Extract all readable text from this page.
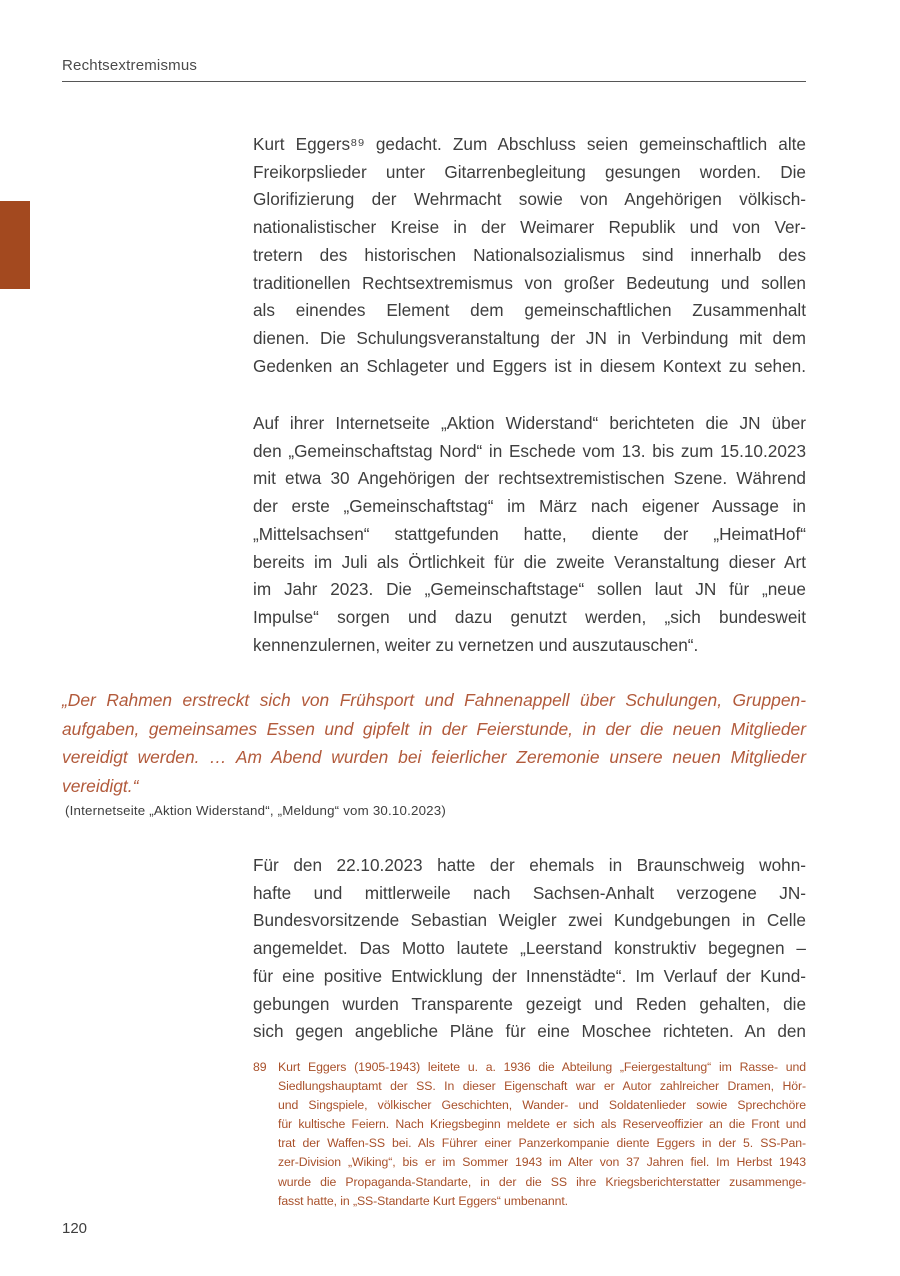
Rechtsextremismus
Kurt Eggers⁸⁹ gedacht. Zum Abschluss seien gemeinschaftlich alte
Freikorpslieder unter Gitarrenbegleitung gesungen worden. Die
Glorifizierung der Wehrmacht sowie von Angehörigen völkisch-
nationalistischer Kreise in der Weimarer Republik und von Ver-
tretern des historischen Nationalsozialismus sind innerhalb des
traditionellen Rechtsextremismus von großer Bedeutung und sollen
als einendes Element dem gemeinschaftlichen Zusammenhalt
dienen. Die Schulungsveranstaltung der JN in Verbindung mit dem
Gedenken an Schlageter und Eggers ist in diesem Kontext zu sehen.
Auf ihrer Internetseite „Aktion Widerstand“ berichteten die JN über
den „Gemeinschaftstag Nord“ in Eschede vom 13. bis zum 15.10.2023
mit etwa 30 Angehörigen der rechtsextremistischen Szene. Während
der erste „Gemeinschaftstag“ im März nach eigener Aussage in
„Mittelsachsen“ stattgefunden hatte, diente der „HeimatHof“
bereits im Juli als Örtlichkeit für die zweite Veranstaltung dieser Art
im Jahr 2023. Die „Gemeinschaftstage“ sollen laut JN für „neue
Impulse“ sorgen und dazu genutzt werden, „sich bundesweit
kennenzulernen, weiter zu vernetzen und auszutauschen“.
„Der Rahmen erstreckt sich von Frühsport und Fahnenappell über Schulungen, Gruppen-
aufgaben, gemeinsames Essen und gipfelt in der Feierstunde, in der die neuen Mitglieder
vereidigt werden. … Am Abend wurden bei feierlicher Zeremonie unsere neuen Mitglieder
vereidigt.“
(Internetseite „Aktion Widerstand“, „Meldung“ vom 30.10.2023)
Für den 22.10.2023 hatte der ehemals in Braunschweig wohn-
hafte und mittlerweile nach Sachsen-Anhalt verzogene JN-
Bundesvorsitzende Sebastian Weigler zwei Kundgebungen in Celle
angemeldet. Das Motto lautete „Leerstand konstruktiv begegnen –
für eine positive Entwicklung der Innenstädte“. Im Verlauf der Kund-
gebungen wurden Transparente gezeigt und Reden gehalten, die
sich gegen angebliche Pläne für eine Moschee richteten. An den
89 Kurt Eggers (1905-1943) leitete u. a. 1936 die Abteilung „Feiergestaltung“ im Rasse- und
Siedlungshauptamt der SS. In dieser Eigenschaft war er Autor zahlreicher Dramen, Hör-
und Singspiele, völkischer Geschichten, Wander- und Soldatenlieder sowie Sprechchöre
für kultische Feiern. Nach Kriegsbeginn meldete er sich als Reserveoffizier an die Front und
trat der Waffen-SS bei. Als Führer einer Panzerkompanie diente Eggers in der 5. SS-Pan-
zer-Division „Wiking“, bis er im Sommer 1943 im Alter von 37 Jahren fiel. Im Herbst 1943
wurde die Propaganda-Standarte, in der die SS ihre Kriegsberichterstatter zusammenge-
fasst hatte, in „SS-Standarte Kurt Eggers“ umbenannt.
120
